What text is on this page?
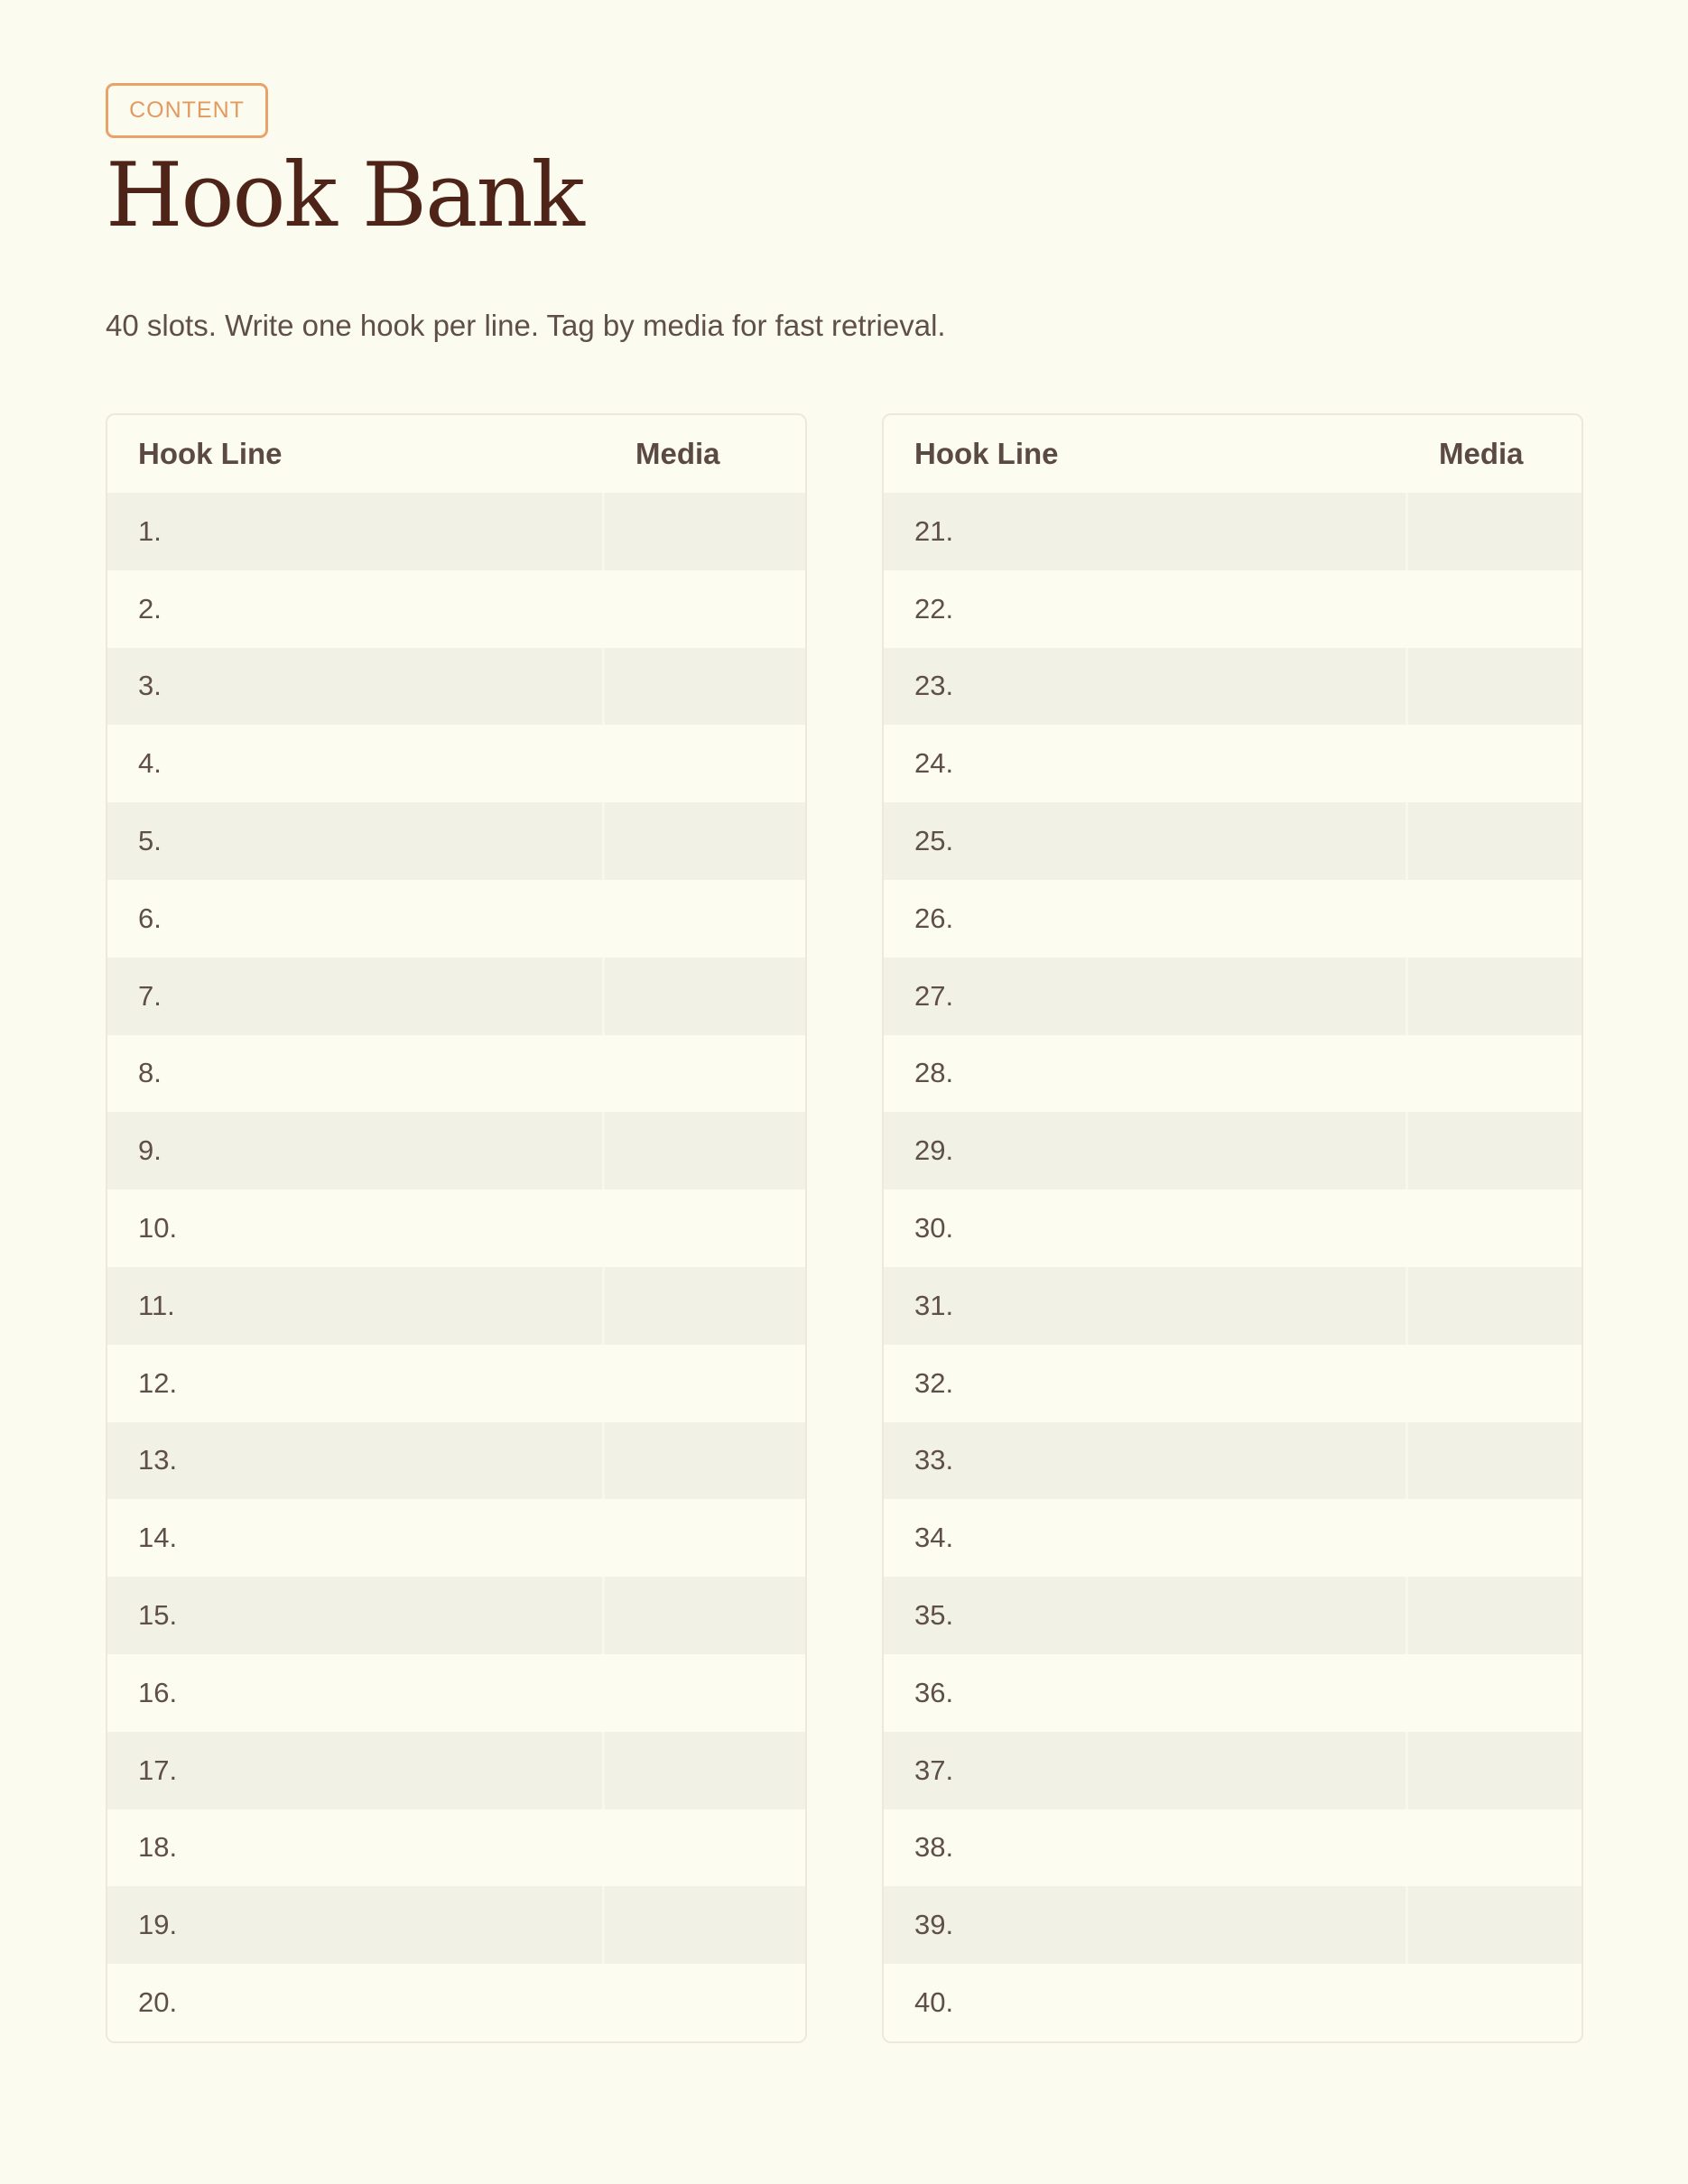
CONTENT
Hook Bank

40 slots. Write one hook per line. Tag by media for fast retrieval.

Hook Line	Media
1.
2.
3.
4.
5.
6.
7.
8.
9.
10.
11.
12.
13.
14.
15.
16.
17.
18.
19.
20.
Hook Line	Media
21.
22.
23.
24.
25.
26.
27.
28.
29.
30.
31.
32.
33.
34.
35.
36.
37.
38.
39.
40.
